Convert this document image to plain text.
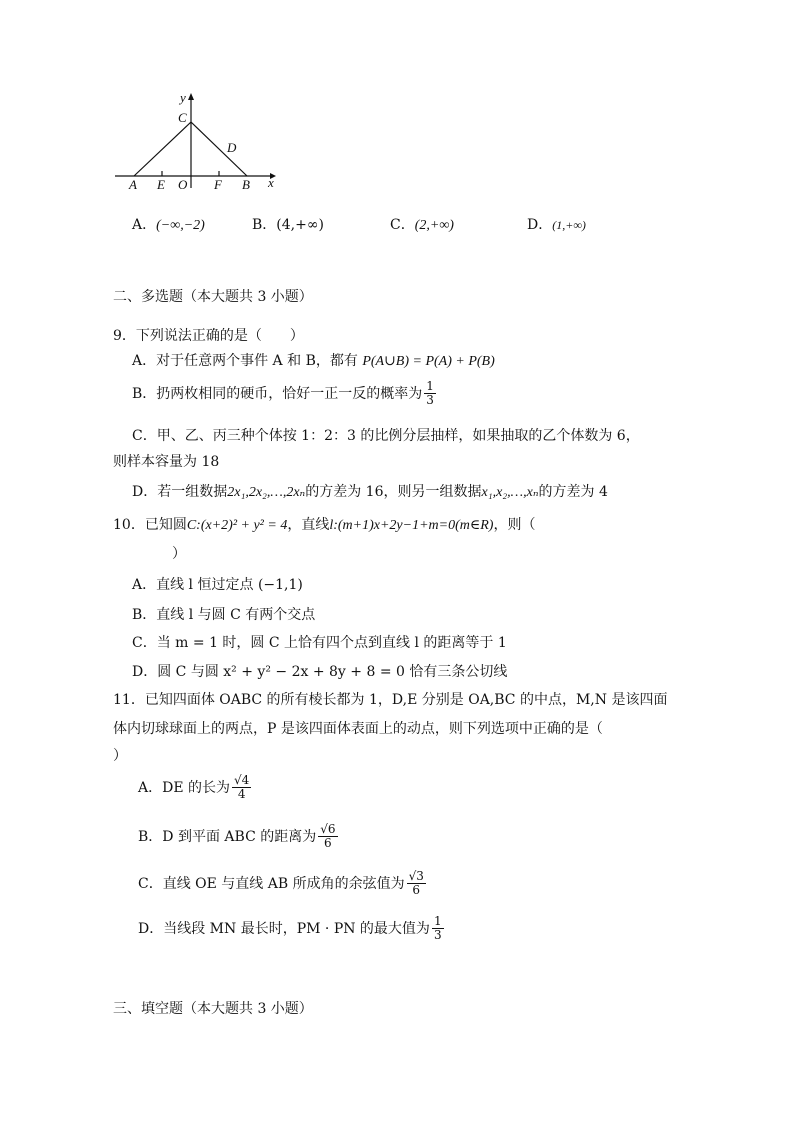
y
C
D
A E O F B x
A．(−∞,−2)	B．(4,+∞)	C．(2,+∞)	D．(1,+∞)
二、多选题（本大题共 3 小题）
9．下列说法正确的是（　　）
A．对于任意两个事件 A 和 B，都有 P(A∪B) = P(A) + P(B)
B．扔两枚相同的硬币，恰好一正一反的概率为 $\frac{1}{3}$
C．甲、乙、丙三种个体按 1：2：3 的比例分层抽样，如果抽取的乙个体数为 6，
则样本容量为 18
D．若一组数据2x₁,2x₂,…,2xₙ的方差为 16，则另一组数据x₁,x₂,…,xₙ的方差为 4
10．已知圆C:(x+2)² + y² = 4，直线l:(m+1)x+2y−1+m=0(m∈R)，则（
）
A．直线 l 恒过定点 (−1,1)
B．直线 l 与圆 C 有两个交点
C．当 m = 1 时，圆 C 上恰有四个点到直线 l 的距离等于 1
D．圆 C 与圆 x² + y² − 2x + 8y + 8 = 0 恰有三条公切线
11．已知四面体 OABC 的所有棱长都为 1，D,E 分别是 OA,BC 的中点，M,N 是该四面
体内切球球面上的两点，P 是该四面体表面上的动点，则下列选项中正确的是（
）
A．DE 的长为 $\frac{√4}{4}$
B．D 到平面 ABC 的距离为 $\frac{√6}{6}$
C．直线 OE 与直线 AB 所成角的余弦值为 $\frac{√3}{6}$
D．当线段 MN 最长时，PM · PN 的最大值为 $\frac{1}{3}$
三、填空题（本大题共 3 小题）
